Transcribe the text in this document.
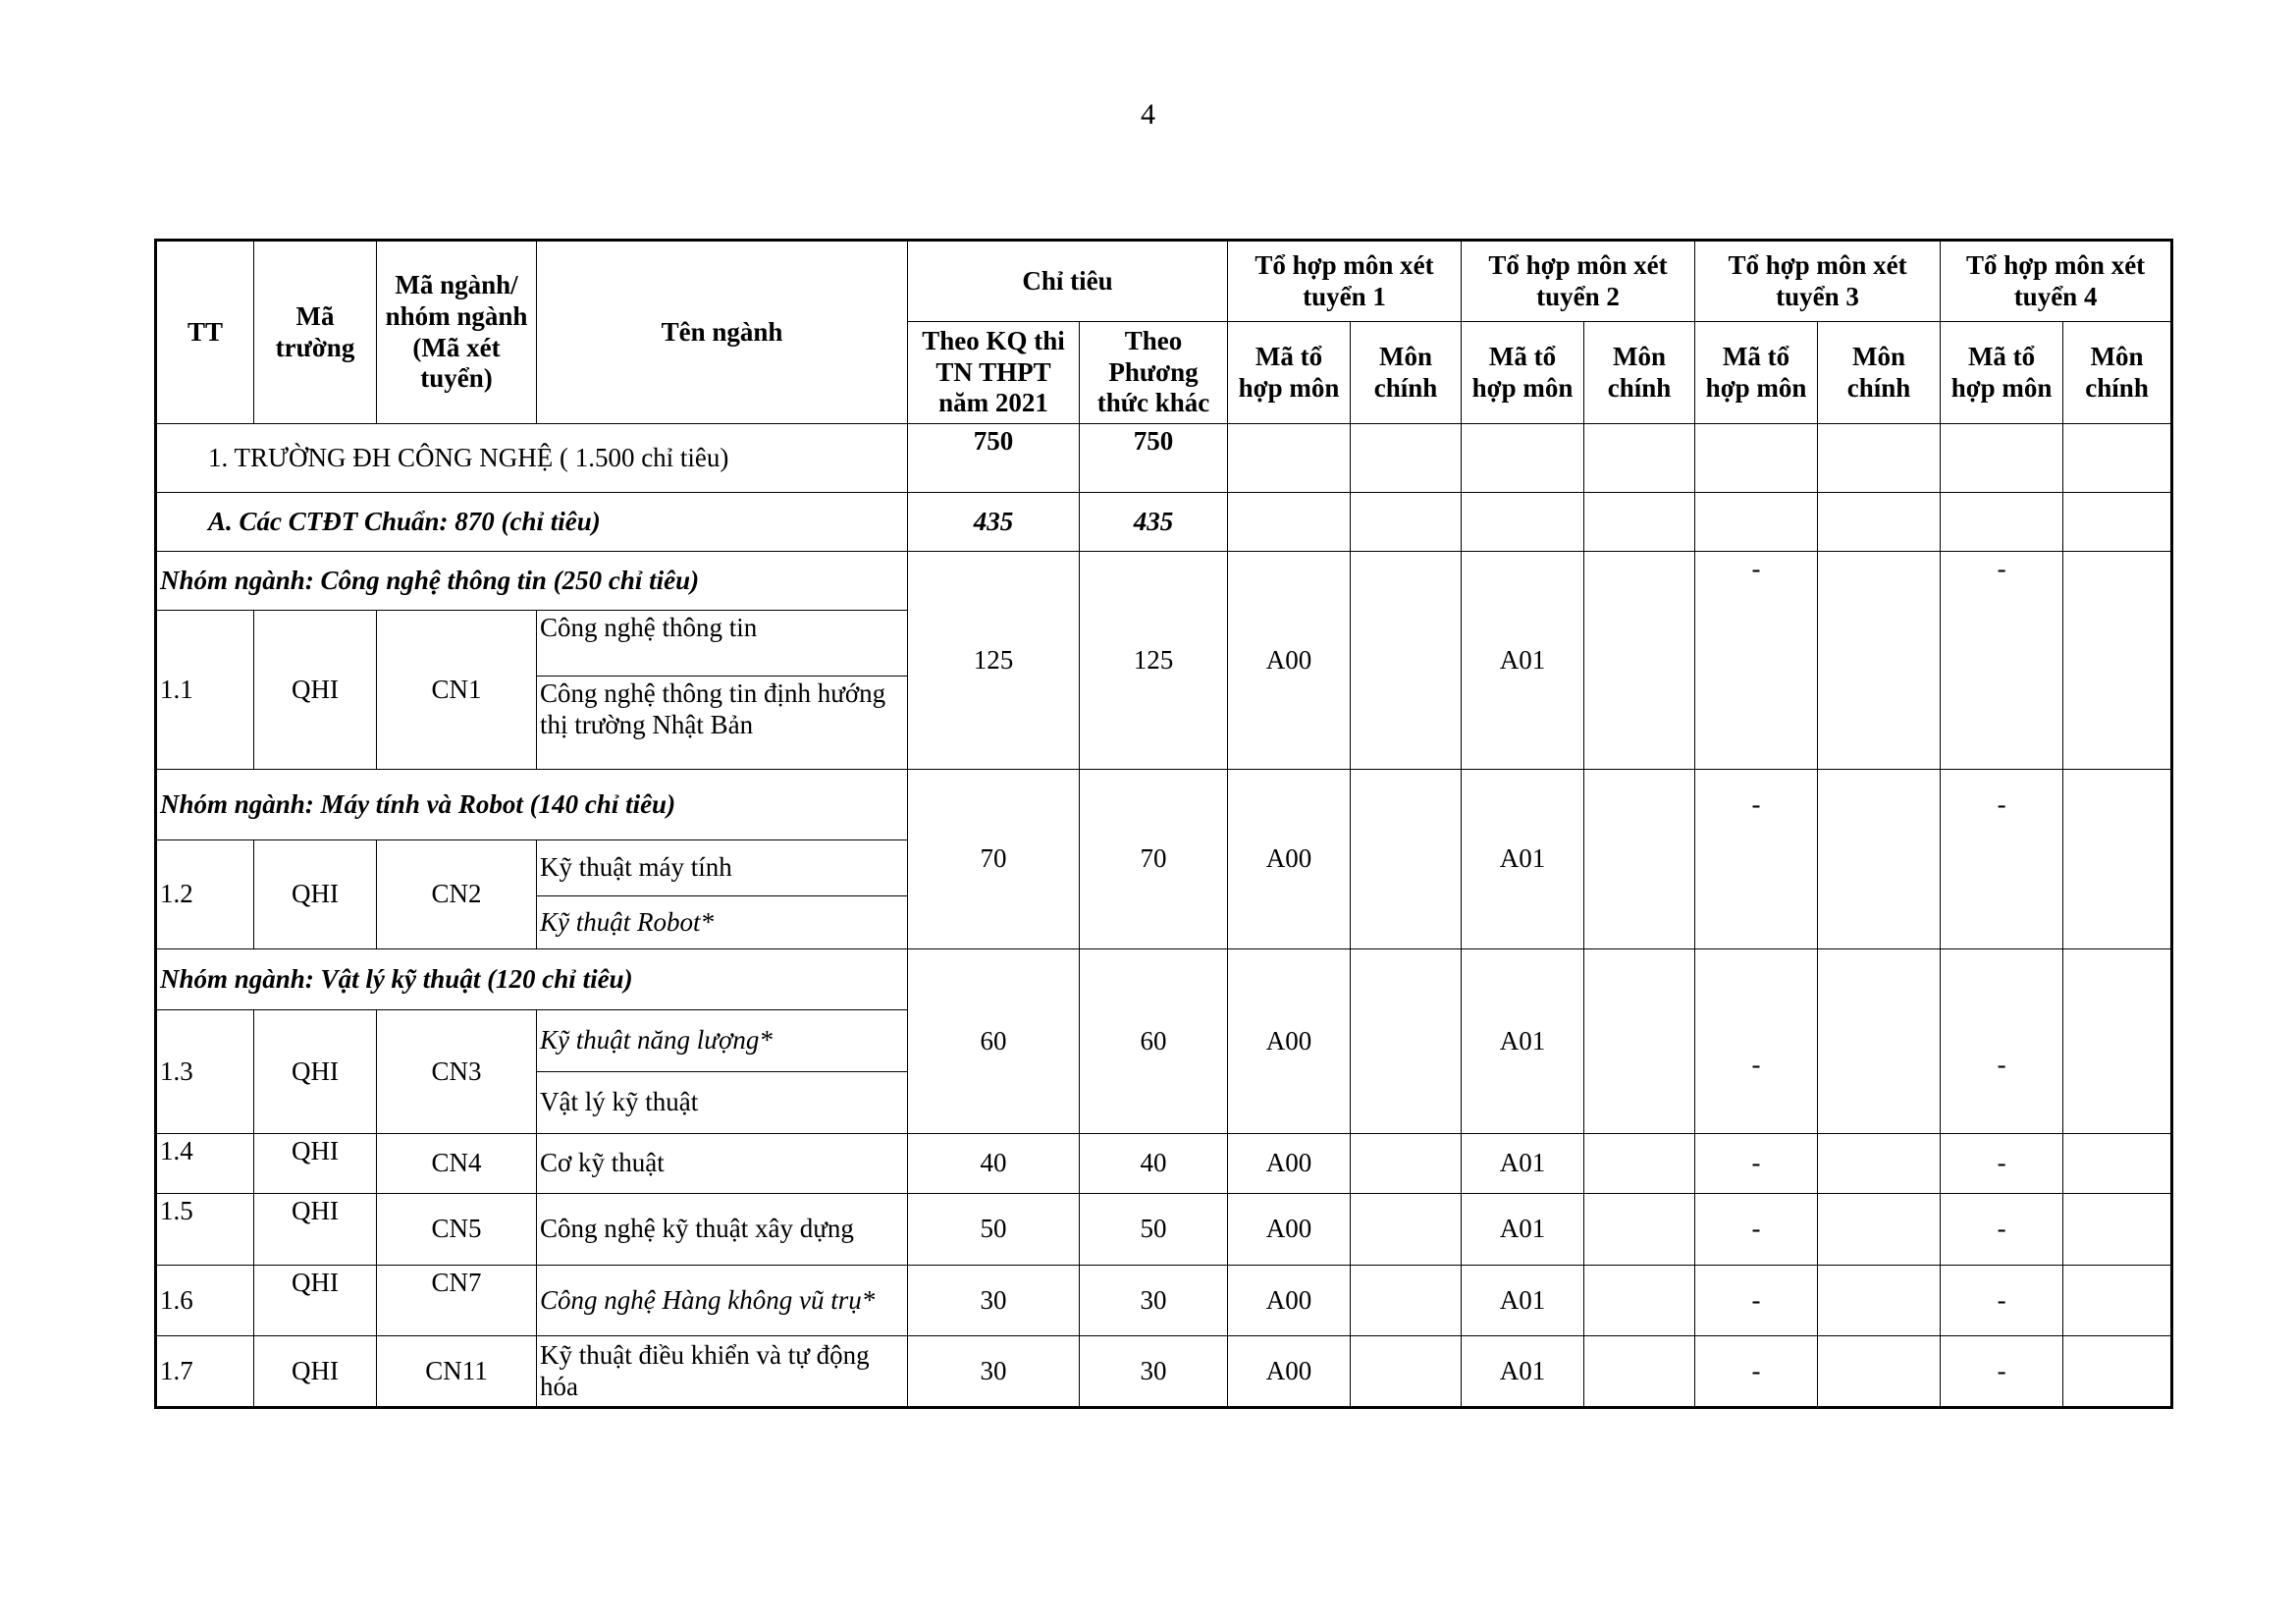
4
TT	Mã trường	Mã ngành/ nhóm ngành (Mã xét tuyển)	Tên ngành	Chỉ tiêu		Tổ hợp môn xét tuyển 1		Tổ hợp môn xét tuyển 2		Tổ hợp môn xét tuyển 3		Tổ hợp môn xét tuyển 4	
				Theo KQ thi TN THPT năm 2021	Theo Phương thức khác	Mã tổ hợp môn	Môn chính	Mã tổ hợp môn	Môn chính	Mã tổ hợp môn	Môn chính	Mã tổ hợp môn	Môn chính
1. TRƯỜNG ĐH CÔNG NGHỆ ( 1.500 chỉ tiêu)				750	750								
A. Các CTĐT Chuẩn: 870 (chỉ tiêu)				435	435								
Nhóm ngành: Công nghệ thông tin (250 chỉ tiêu)				125	125	A00		A01		-		-	
1.1	QHI	CN1	Công nghệ thông tin										
			Công nghệ thông tin định hướng thị trường Nhật Bản										
Nhóm ngành: Máy tính và Robot (140 chỉ tiêu)				70	70	A00		A01		-		-	
1.2	QHI	CN2	Kỹ thuật máy tính										
			Kỹ thuật Robot*										
Nhóm ngành: Vật lý kỹ thuật (120 chỉ tiêu)				60	60	A00		A01		-		-	
1.3	QHI	CN3	Kỹ thuật năng lượng*										
			Vật lý kỹ thuật										
1.4	QHI	CN4	Cơ kỹ thuật	40	40	A00		A01		-		-	
1.5	QHI	CN5	Công nghệ kỹ thuật xây dựng	50	50	A00		A01		-		-	
1.6	QHI	CN7	Công nghệ Hàng không vũ trụ*	30	30	A00		A01		-		-	
1.7	QHI	CN11	Kỹ thuật điều khiển và tự động hóa	30	30	A00		A01		-		-	
